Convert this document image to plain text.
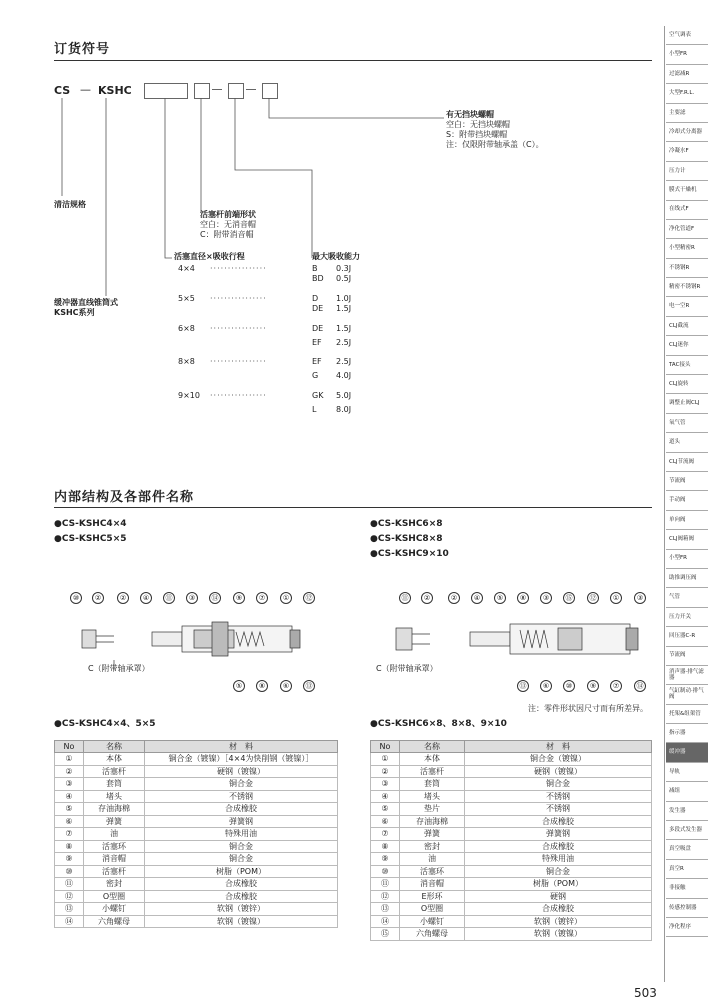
订货符号
CS — KSHC
有无挡块螺帽
空白：无挡块螺帽
S：附带挡块螺帽
注：仅限附带轴承盖（C）。
清洁规格
活塞杆前端形状
空白：无消音帽
C：附带消音帽
活塞直径×吸收行程	最大吸收能力
缓冲器直线锥筒式
KSHC系列
4×4 ················	B 0.3J
BD 0.5J
5×5 ················	D 1.0J
DE 1.5J
6×8 ················	DE 1.5J
EF 2.5J
8×8 ················	EF 2.5J
G 4.0J
9×10 ················	GK 5.0J
L 8.0J
内部结构及各部件名称
●CS-KSHC4×4
●CS-KSHC5×5
●CS-KSHC6×8
●CS-KSHC8×8
●CS-KSHC9×10
C（附带轴承罩）
⑩	②	②	④	⑪	③	⑭	⑨	⑦	①	⑫
⑤	⑧	⑥	⑬
C（附带轴承罩）
⑪	②	②	④	⑤	⑧	③	⑮	⑫	①	③
⑬	⑥	⑩	⑨	⑦	⑭
注：零件形状因尺寸而有所差异。
●CS-KSHC4×4、5×5
No	名称	材　料
①	本体	铜合金（镀镍）［4×4为快削钢（镀镍）］
②	活塞杆	硬钢（镀镍）
③	套筒	铜合金
④	堵头	不锈钢
⑤	存油海棉	合成橡胶
⑥	弹簧	弹簧钢
⑦	油	特殊用油
⑧	活塞环	铜合金
⑨	消音帽	铜合金
⑩	活塞杆	树脂（POM）
⑪	密封	合成橡胶
⑫	O型圈	合成橡胶
⑬	小螺钉	软钢（镀锌）
⑭	六角螺母	软钢（镀镍）
●CS-KSHC6×8、8×8、9×10
No	名称	材　料
①	本体	铜合金（镀镍）
②	活塞杆	硬钢（镀镍）
③	套筒	铜合金
④	堵头	不锈钢
⑤	垫片	不锈钢
⑥	存油海棉	合成橡胶
⑦	弹簧	弹簧钢
⑧	密封	合成橡胶
⑨	油	特殊用油
⑩	活塞环	铜合金
⑪	消音帽	树脂（POM）
⑫	E形环	硬钢
⑬	O型圈	合成橡胶
⑭	小螺钉	软钢（镀锌）
⑮	六角螺母	软钢（镀镍）
空气调表
小型FR
过滤减R
大型F.R.L.
主要滤
冷却式分离器
冷凝水F
压力计
膜式干燥机
在线式F
净化管道F
小型精密R
不锈钢R
精密不锈钢R
电一空R
CLJ截流
CLJ迷你
TAC接头
CLJ旋转
调整止阀CLJ
氧气管
道头
CLJ节流阀
节流阀
手动阀
单向阀
CLJ阀箱阀
小型FR
助推调压阀
气管
压力开关
回压器C-R
节流阀
消声器·排气滤器
气缸制动·排气阀
托架&组架管
指示器
缓冲器
导轨
减组
发生器
多段式发生器
真空吸盘
真空R
非接触
传感控制器
净化程序
503
